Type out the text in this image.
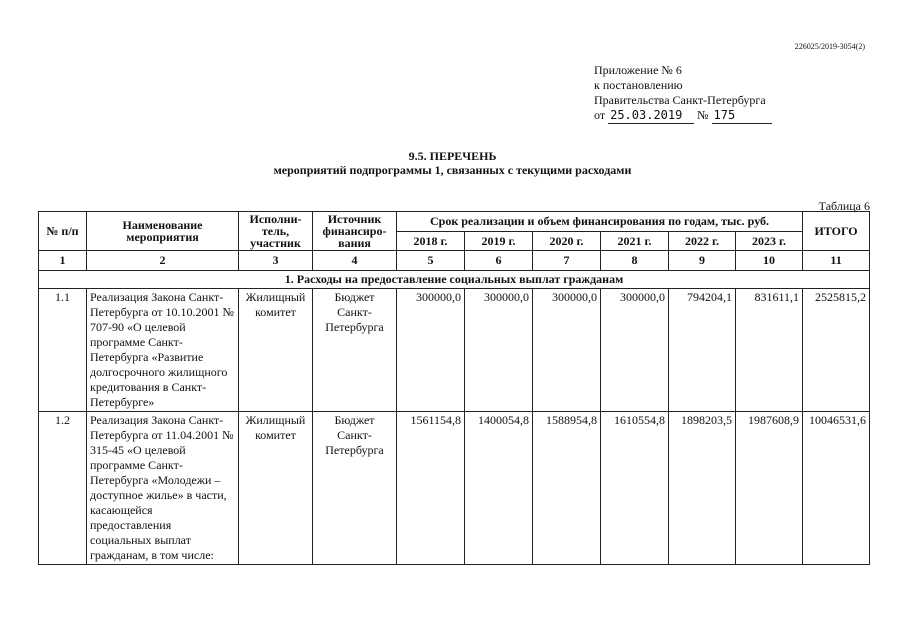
226025/2019-3054(2)
Приложение № 6
к постановлению
Правительства Санкт-Петербурга
от 25.03.2019 № 175
9.5. ПЕРЕЧЕНЬ
мероприятий подпрограммы 1, связанных с текущими расходами
Таблица 6
№ п/п	Наименование мероприятия	Исполни-тель, участник	Источник финансиро-вания	Срок реализации и объем финансирования по годам, тыс. руб.						ИТОГО
				2018 г.	2019 г.	2020 г.	2021 г.	2022 г.	2023 г.	
1	2	3	4	5	6	7	8	9	10	11
1. Расходы на предоставление социальных выплат гражданам										
1.1	Реализация Закона Санкт-Петербурга от 10.10.2001 № 707-90 «О целевой программе Санкт-Петербурга «Развитие долгосрочного жилищного кредитования в Санкт-Петербурге»	Жилищный комитет	Бюджет Санкт-Петербурга	300000,0	300000,0	300000,0	300000,0	794204,1	831611,1	2525815,2
1.2	Реализация Закона Санкт-Петербурга от 11.04.2001 № 315-45 «О целевой программе Санкт-Петербурга «Молодежи – доступное жилье» в части, касающейся предоставления социальных выплат гражданам, в том числе:	Жилищный комитет	Бюджет Санкт-Петербурга	1561154,8	1400054,8	1588954,8	1610554,8	1898203,5	1987608,9	10046531,6
